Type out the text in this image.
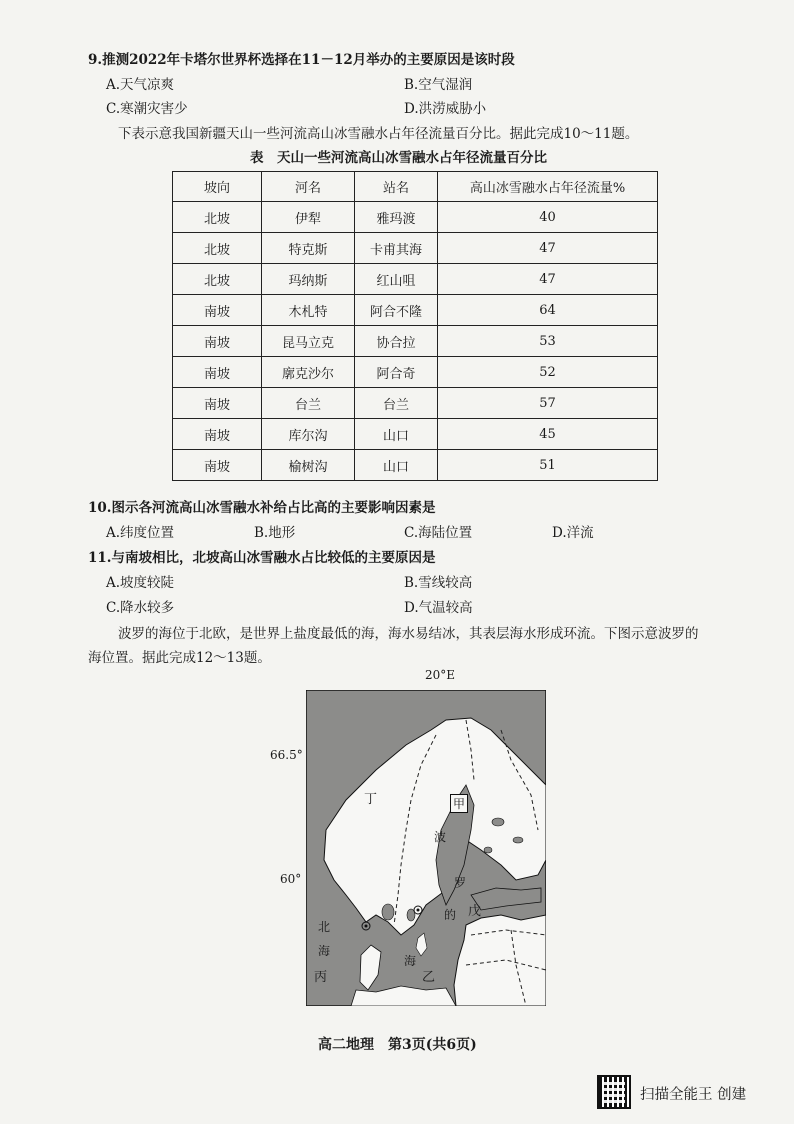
9.推测2022年卡塔尔世界杯选择在11－12月举办的主要原因是该时段
A.天气凉爽	B.空气湿润
C.寒潮灾害少	D.洪涝威胁小
下表示意我国新疆天山一些河流高山冰雪融水占年径流量百分比。据此完成10～11题。
表　天山一些河流高山冰雪融水占年径流量百分比
坡向	河名	站名	高山冰雪融水占年径流量%
北坡	伊犁	雅玛渡	40
北坡	特克斯	卡甫其海	47
北坡	玛纳斯	红山咀	47
南坡	木札特	阿合不隆	64
南坡	昆马立克	协合拉	53
南坡	廓克沙尔	阿合奇	52
南坡	台兰	台兰	57
南坡	库尔沟	山口	45
南坡	榆树沟	山口	51
10.图示各河流高山冰雪融水补给占比高的主要影响因素是
A.纬度位置	B.地形	C.海陆位置	D.洋流
11.与南坡相比，北坡高山冰雪融水占比较低的主要原因是
A.坡度较陡	B.雪线较高
C.降水较多	D.气温较高
波罗的海位于北欧，是世界上盐度最低的海，海水易结冰，其表层海水形成环流。下图示意波罗的
海位置。据此完成12～13题。
20°E
66.5°
60°
丁	甲
波
罗
的
海
北
海
丙	乙
戊
高二地理　第3页(共6页)
扫描全能王 创建
